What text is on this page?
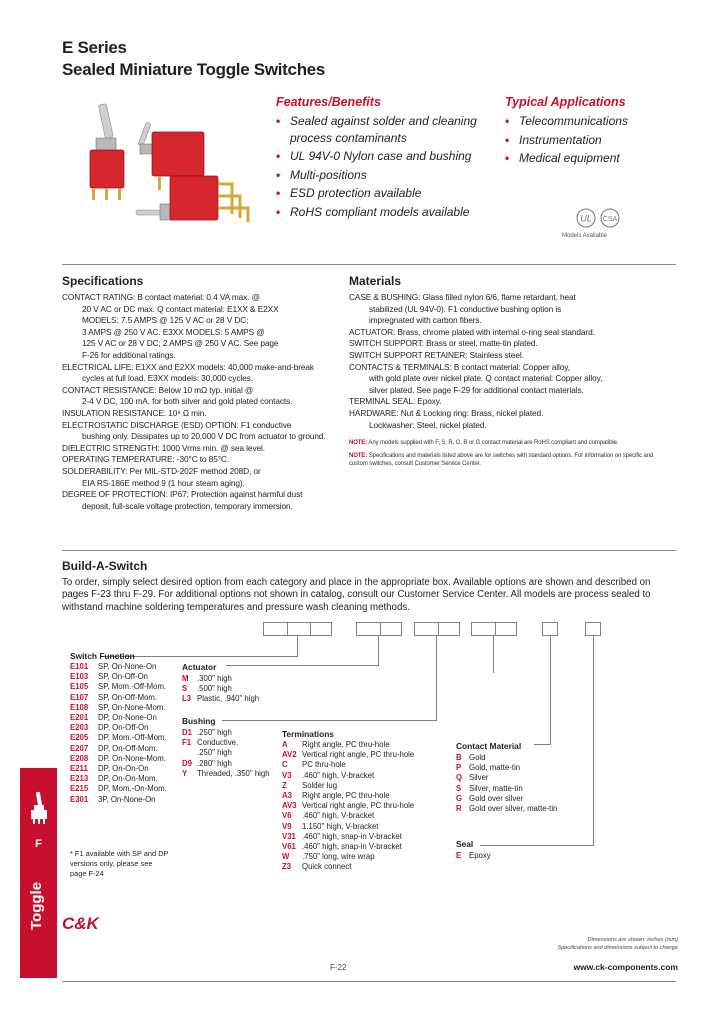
E Series
Sealed Miniature Toggle Switches
Features/Benefits
• Sealed against solder and cleaning
process contaminants
• UL 94V-0 Nylon case and bushing
• Multi-positions
• ESD protection available
• RoHS compliant models available
Typical Applications
• Telecommunications
• Instrumentation
• Medical equipment
UL CSA
Models Available
Specifications
CONTACT RATING: B contact material: 0.4 VA max. @
20 V AC or DC max. Q contact material: E1XX & E2XX
MODELS: 7.5 AMPS @ 125 V AC or 28 V DC;
3 AMPS @ 250 V AC. E3XX MODELS: 5 AMPS @
125 V AC or 28 V DC; 2 AMPS @ 250 V AC. See page
F-26 for additional ratings.
ELECTRICAL LIFE: E1XX and E2XX models: 40,000 make-and-break
cycles at full load. E3XX models: 30,000 cycles.
CONTACT RESISTANCE: Below 10 mΩ typ. initial @
2-4 V DC, 100 mA, for both silver and gold plated contacts.
INSULATION RESISTANCE: 10⁹ Ω min.
ELECTROSTATIC DISCHARGE (ESD) OPTION: F1 conductive
bushing only. Dissipates up to 20,000 V DC from actuator to ground.
DIELECTRIC STRENGTH: 1000 Vrms min. @ sea level.
OPERATING TEMPERATURE: -30°C to 85°C.
SOLDERABILITY: Per MIL-STD-202F method 208D, or
EIA RS-186E method 9 (1 hour steam aging).
DEGREE OF PROTECTION: IP67; Protection against harmful dust
deposit, full-scale voltage protection, temporary immersion.
Materials
CASE & BUSHING: Glass filled nylon 6/6, flame retardant, heat
stabilized (UL 94V-0). F1 conductive bushing option is
impregnated with carbon fibers.
ACTUATOR: Brass, chrome plated with internal o-ring seal standard.
SWITCH SUPPORT: Brass or steel, matte-tin plated.
SWITCH SUPPORT RETAINER: Stainless steel.
CONTACTS & TERMINALS: B contact material: Copper alloy,
with gold plate over nickel plate. Q contact material: Copper alloy,
silver plated. See page F-29 for additional contact materials.
TERMINAL SEAL: Epoxy.
HARDWARE: Nut & Locking ring: Brass, nickel plated.
Lockwasher: Steel, nickel plated.
NOTE: Any models supplied with F, S, R, G, B or G contact material are RoHS compliant and compatible.
NOTE: Specifications and materials listed above are for switches with standard options. For information on specific and custom switches, consult Customer Service Center.
Build-A-Switch
To order, simply select desired option from each category and place in the appropriate box. Available options are shown and described on pages F-23 thru F-29. For additional options not shown in catalog, consult our Customer Service Center. All models are process sealed to withstand machine soldering temperatures and pressure wash cleaning methods.
Switch Function
E101 SP, On-None-On
E103 SP, On-Off-On
E105 SP, Mom.-Off-Mom.
E107 SP, On-Off-Mom.
E108 SP, On-None-Mom.
E201 DP, On-None-On
E203 DP, On-Off-On
E205 DP, Mom.-Off-Mom.
E207 DP, On-Off-Mom.
E208 DP, On-None-Mom.
E211 DP, On-On-On
E213 DP, On-On-Mom.
E215 DP, Mom.-On-Mom.
E301 3P, On-None-On
Actuator
M .300" high
S .500" high
L3 Plastic, .940" high
Bushing
D1 .250" high
F1 Conductive,
.250" high
D9 .280" high
Y Threaded, .350" high
Terminations
A Right angle, PC thru-hole
AV2 Vertical right angle, PC thru-hole
C PC thru-hole
V3 .460" high, V-bracket
Z Solder lug
A3 Right angle, PC thru-hole
AV3 Vertical right angle, PC thru-hole
V6 .460" high, V-bracket
V9 1.150" high, V-bracket
V31 .460" high, snap-in V-bracket
V61 .460" high, snap-in V-bracket
W .750" long, wire wrap
Z3 Quick connect
Contact Material
B Gold
P Gold, matte-tin
Q Silver
S Silver, matte-tin
G Gold over silver
R Gold over silver, matte-tin
Seal
E Epoxy
* F1 available with SP and DP versions only, please see page F-24
F
Toggle C&K
F-22
Dimensions are shown: inches (mm)
Specifications and dimensions subject to change
www.ck-components.com
